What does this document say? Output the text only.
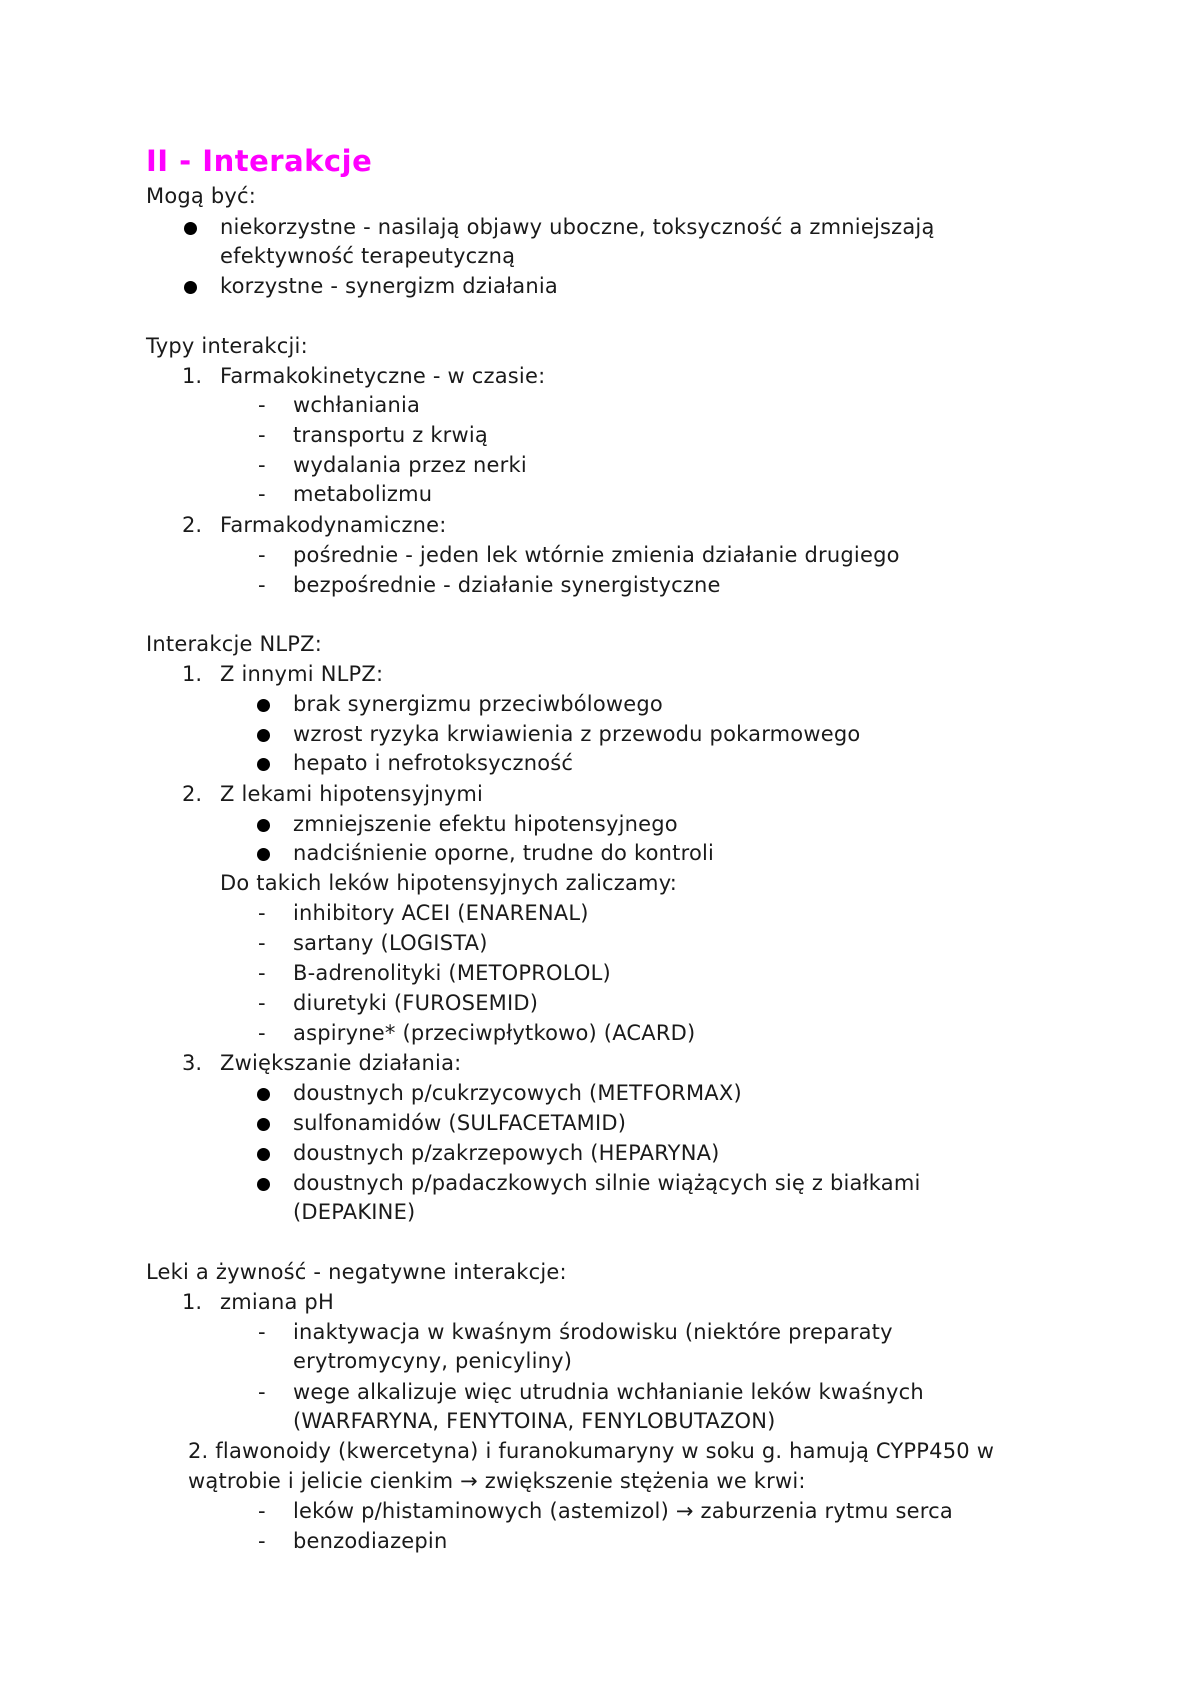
II - Interakcje
Mogą być:
niekorzystne - nasilają objawy uboczne, toksyczność a zmniejszają
efektywność terapeutyczną
korzystne - synergizm działania
Typy interakcji:
1. Farmakokinetyczne - w czasie:
- wchłaniania
- transportu z krwią
- wydalania przez nerki
- metabolizmu
2. Farmakodynamiczne:
- pośrednie - jeden lek wtórnie zmienia działanie drugiego
- bezpośrednie - działanie synergistyczne
Interakcje NLPZ:
1. Z innymi NLPZ:
brak synergizmu przeciwbólowego
wzrost ryzyka krwiawienia z przewodu pokarmowego
hepato i nefrotoksyczność
2. Z lekami hipotensyjnymi
zmniejszenie efektu hipotensyjnego
nadciśnienie oporne, trudne do kontroli
Do takich leków hipotensyjnych zaliczamy:
- inhibitory ACEI (ENARENAL)
- sartany (LOGISTA)
- B-adrenolityki (METOPROLOL)
- diuretyki (FUROSEMID)
- aspiryne* (przeciwpłytkowo) (ACARD)
3. Zwiększanie działania:
doustnych p/cukrzycowych (METFORMAX)
sulfonamidów (SULFACETAMID)
doustnych p/zakrzepowych (HEPARYNA)
doustnych p/padaczkowych silnie wiążących się z białkami
(DEPAKINE)
Leki a żywność - negatywne interakcje:
1. zmiana pH
- inaktywacja w kwaśnym środowisku (niektóre preparaty
erytromycyny, penicyliny)
- wege alkalizuje więc utrudnia wchłanianie leków kwaśnych
(WARFARYNA, FENYTOINA, FENYLOBUTAZON)
2. flawonoidy (kwercetyna) i furanokumaryny w soku g. hamują CYPP450 w
wątrobie i jelicie cienkim → zwiększenie stężenia we krwi:
- leków p/histaminowych (astemizol) → zaburzenia rytmu serca
- benzodiazepin
